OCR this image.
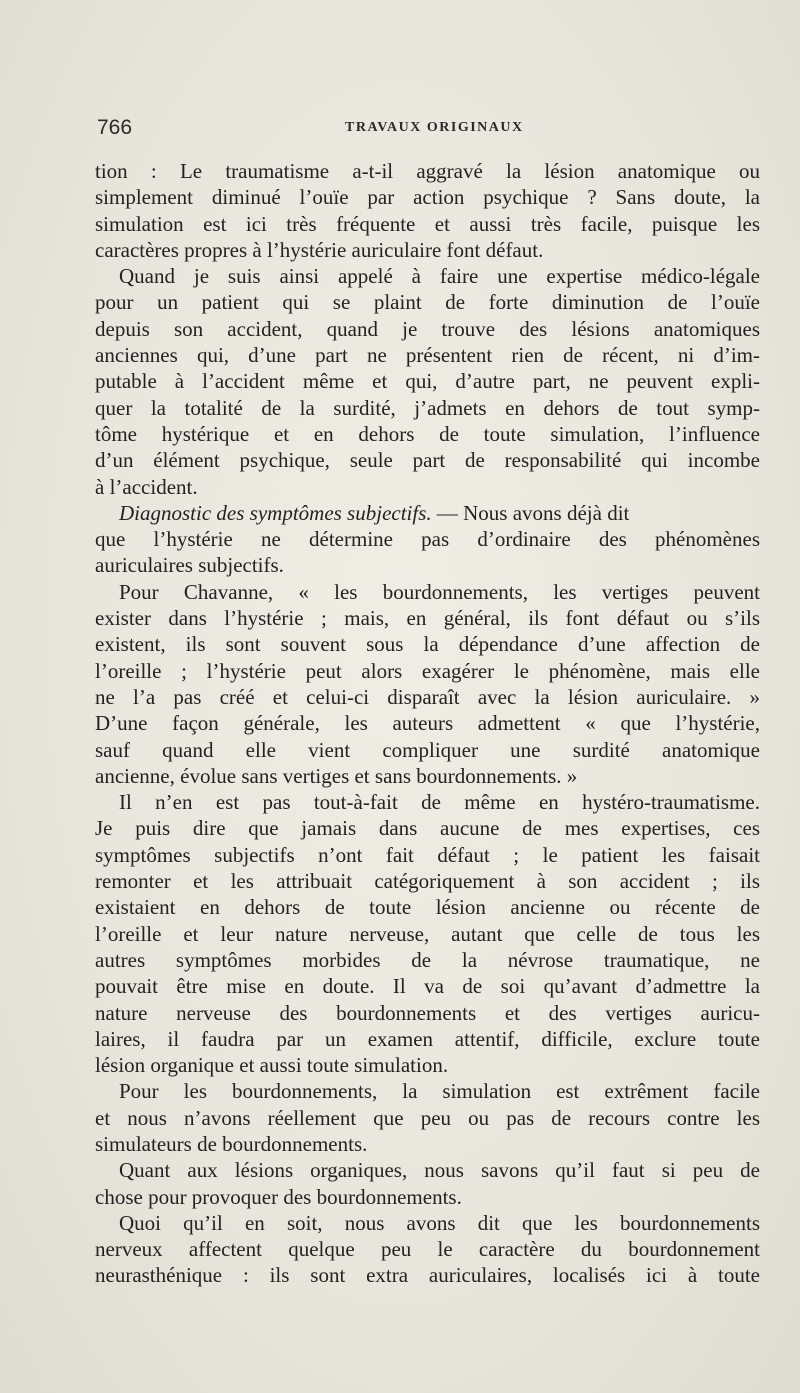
766	TRAVAUX ORIGINAUX
tion : Le traumatisme a-t-il aggravé la lésion anatomique ou
simplement diminué l’ouïe par action psychique ? Sans doute, la
simulation est ici très fréquente et aussi très facile, puisque les
caractères propres à l’hystérie auriculaire font défaut.
Quand je suis ainsi appelé à faire une expertise médico-légale
pour un patient qui se plaint de forte diminution de l’ouïe
depuis son accident, quand je trouve des lésions anatomiques
anciennes qui, d’une part ne présentent rien de récent, ni d’im-
putable à l’accident même et qui, d’autre part, ne peuvent expli-
quer la totalité de la surdité, j’admets en dehors de tout symp-
tôme hystérique et en dehors de toute simulation, l’influence
d’un élément psychique, seule part de responsabilité qui incombe
à l’accident.
Diagnostic des symptômes subjectifs. — Nous avons déjà dit
que l’hystérie ne détermine pas d’ordinaire des phénomènes
auriculaires subjectifs.
Pour Chavanne, « les bourdonnements, les vertiges peuvent
exister dans l’hystérie ; mais, en général, ils font défaut ou s’ils
existent, ils sont souvent sous la dépendance d’une affection de
l’oreille ; l’hystérie peut alors exagérer le phénomène, mais elle
ne l’a pas créé et celui-ci disparaît avec la lésion auriculaire. »
D’une façon générale, les auteurs admettent « que l’hystérie,
sauf quand elle vient compliquer une surdité anatomique
ancienne, évolue sans vertiges et sans bourdonnements. »
Il n’en est pas tout-à-fait de même en hystéro-traumatisme.
Je puis dire que jamais dans aucune de mes expertises, ces
symptômes subjectifs n’ont fait défaut ; le patient les faisait
remonter et les attribuait catégoriquement à son accident ; ils
existaient en dehors de toute lésion ancienne ou récente de
l’oreille et leur nature nerveuse, autant que celle de tous les
autres symptômes morbides de la névrose traumatique, ne
pouvait être mise en doute. Il va de soi qu’avant d’admettre la
nature nerveuse des bourdonnements et des vertiges auricu-
laires, il faudra par un examen attentif, difficile, exclure toute
lésion organique et aussi toute simulation.
Pour les bourdonnements, la simulation est extrêment facile
et nous n’avons réellement que peu ou pas de recours contre les
simulateurs de bourdonnements.
Quant aux lésions organiques, nous savons qu’il faut si peu de
chose pour provoquer des bourdonnements.
Quoi qu’il en soit, nous avons dit que les bourdonnements
nerveux affectent quelque peu le caractère du bourdonnement
neurasthénique : ils sont extra auriculaires, localisés ici à toute
